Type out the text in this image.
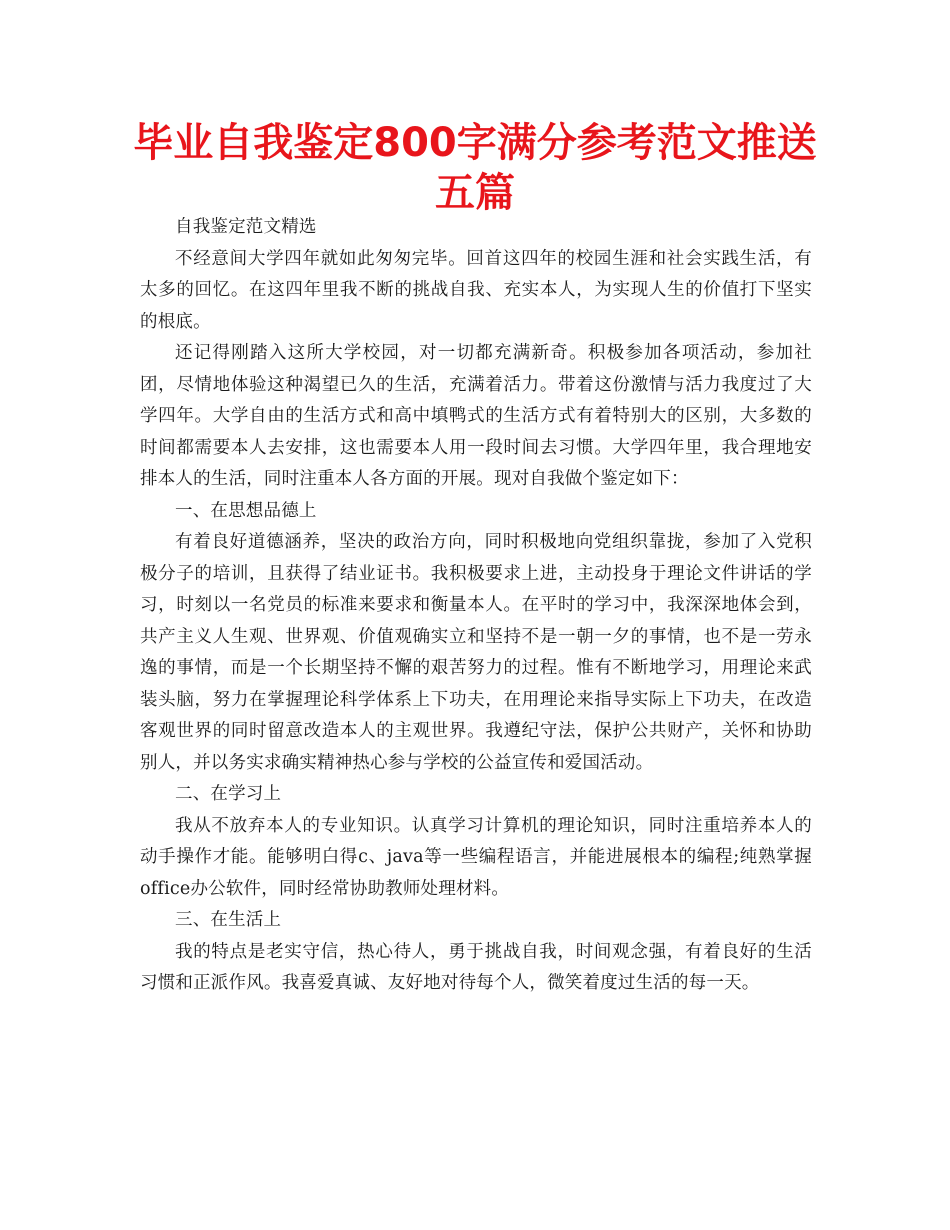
毕业自我鉴定800字满分参考范文推送五篇

自我鉴定范文精选

不经意间大学四年就如此匆匆完毕。回首这四年的校园生涯和社会实践生活，有太多的回忆。在这四年里我不断的挑战自我、充实本人，为实现人生的价值打下坚实的根底。

还记得刚踏入这所大学校园，对一切都充满新奇。积极参加各项活动，参加社团，尽情地体验这种渴望已久的生活，充满着活力。带着这份激情与活力我度过了大学四年。大学自由的生活方式和高中填鸭式的生活方式有着特别大的区别，大多数的时间都需要本人去安排，这也需要本人用一段时间去习惯。大学四年里，我合理地安排本人的生活，同时注重本人各方面的开展。现对自我做个鉴定如下：

一、在思想品德上

有着良好道德涵养，坚决的政治方向，同时积极地向党组织靠拢，参加了入党积极分子的培训，且获得了结业证书。我积极要求上进，主动投身于理论文件讲话的学习，时刻以一名党员的标准来要求和衡量本人。在平时的学习中，我深深地体会到，共产主义人生观、世界观、价值观确实立和坚持不是一朝一夕的事情，也不是一劳永逸的事情，而是一个长期坚持不懈的艰苦努力的过程。惟有不断地学习，用理论来武装头脑，努力在掌握理论科学体系上下功夫，在用理论来指导实际上下功夫，在改造客观世界的同时留意改造本人的主观世界。我遵纪守法，保护公共财产，关怀和协助别人，并以务实求确实精神热心参与学校的公益宣传和爱国活动。

二、在学习上

我从不放弃本人的专业知识。认真学习计算机的理论知识，同时注重培养本人的动手操作才能。能够明白得c、java等一些编程语言，并能进展根本的编程;纯熟掌握office办公软件，同时经常协助教师处理材料。

三、在生活上

我的特点是老实守信，热心待人，勇于挑战自我，时间观念强，有着良好的生活习惯和正派作风。我喜爱真诚、友好地对待每个人，微笑着度过生活的每一天。
